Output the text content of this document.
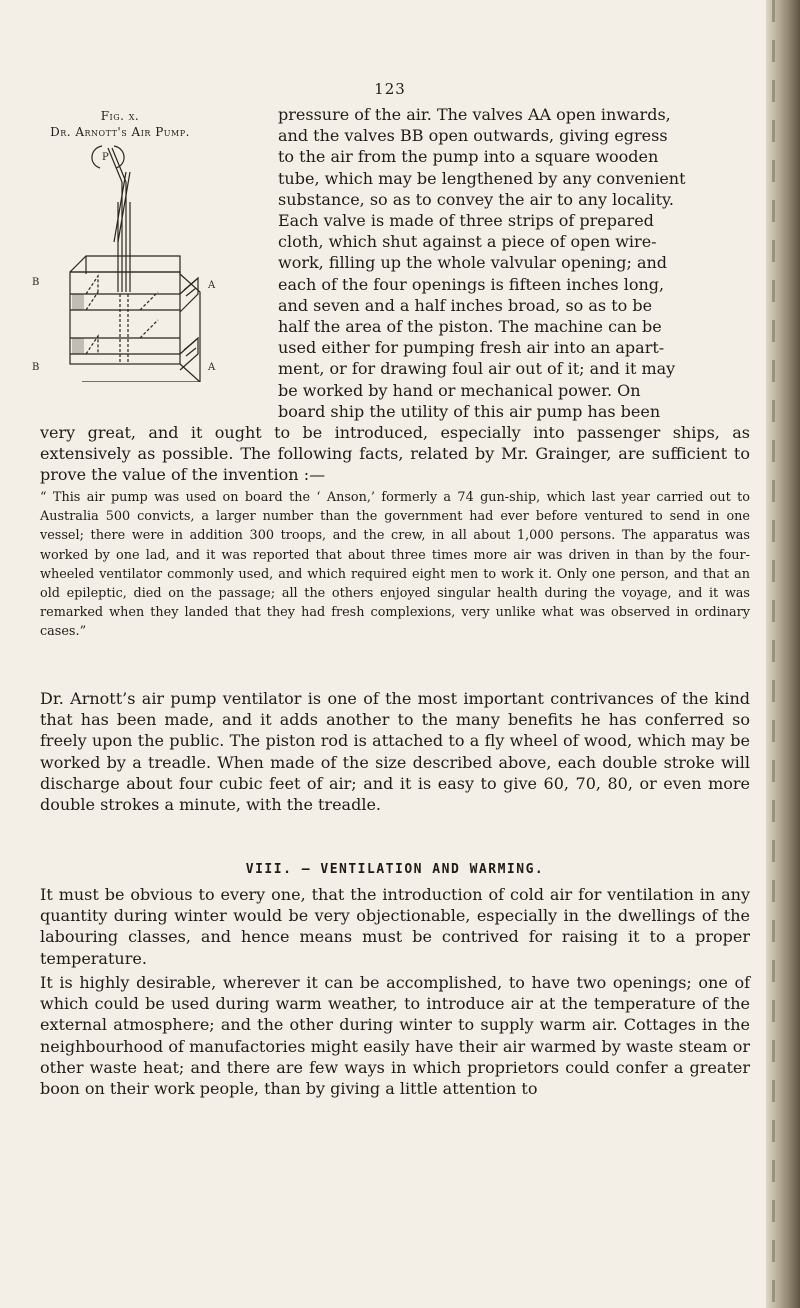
123
Fig. x.
Dr. Arnott's Air Pump.
P
B
B
A
A
pressure of the air. The valves AA open inwards,
and the valves BB open outwards, giving egress
to the air from the pump into a square wooden
tube, which may be lengthened by any convenient
substance, so as to convey the air to any locality.
Each valve is made of three strips of prepared
cloth, which shut against a piece of open wire-
work, filling up the whole valvular opening; and
each of the four openings is fifteen inches long,
and seven and a half inches broad, so as to be
half the area of the piston. The machine can be
used either for pumping fresh air into an apart-
ment, or for drawing foul air out of it; and it may
be worked by hand or mechanical power. On
board ship the utility of this air pump has been

very great, and it ought to be introduced, especially into passenger ships, as extensively as possible. The following facts, related by Mr. Grainger, are sufficient to prove the value of the invention :—

“ This air pump was used on board the ‘ Anson,’ formerly a 74 gun-ship, which last year carried out to Australia 500 convicts, a larger number than the government had ever before ventured to send in one vessel; there were in addition 300 troops, and the crew, in all about 1,000 persons. The apparatus was worked by one lad, and it was reported that about three times more air was driven in than by the four-wheeled ventilator commonly used, and which required eight men to work it. Only one person, and that an old epileptic, died on the passage; all the others enjoyed singular health during the voyage, and it was remarked when they landed that they had fresh complexions, very unlike what was observed in ordinary cases.”

Dr. Arnott’s air pump ventilator is one of the most important contrivances of the kind that has been made, and it adds another to the many benefits he has conferred so freely upon the public. The piston rod is attached to a fly wheel of wood, which may be worked by a treadle. When made of the size described above, each double stroke will discharge about four cubic feet of air; and it is easy to give 60, 70, 80, or even more double strokes a minute, with the treadle.

VIII. — VENTILATION AND WARMING.

It must be obvious to every one, that the introduction of cold air for ventilation in any quantity during winter would be very objectionable, especially in the dwellings of the labouring classes, and hence means must be contrived for raising it to a proper temperature.

It is highly desirable, wherever it can be accomplished, to have two openings; one of which could be used during warm weather, to introduce air at the temperature of the external atmosphere; and the other during winter to supply warm air. Cottages in the neighbourhood of manufactories might easily have their air warmed by waste steam or other waste heat; and there are few ways in which proprietors could confer a greater boon on their work people, than by giving a little attention to
